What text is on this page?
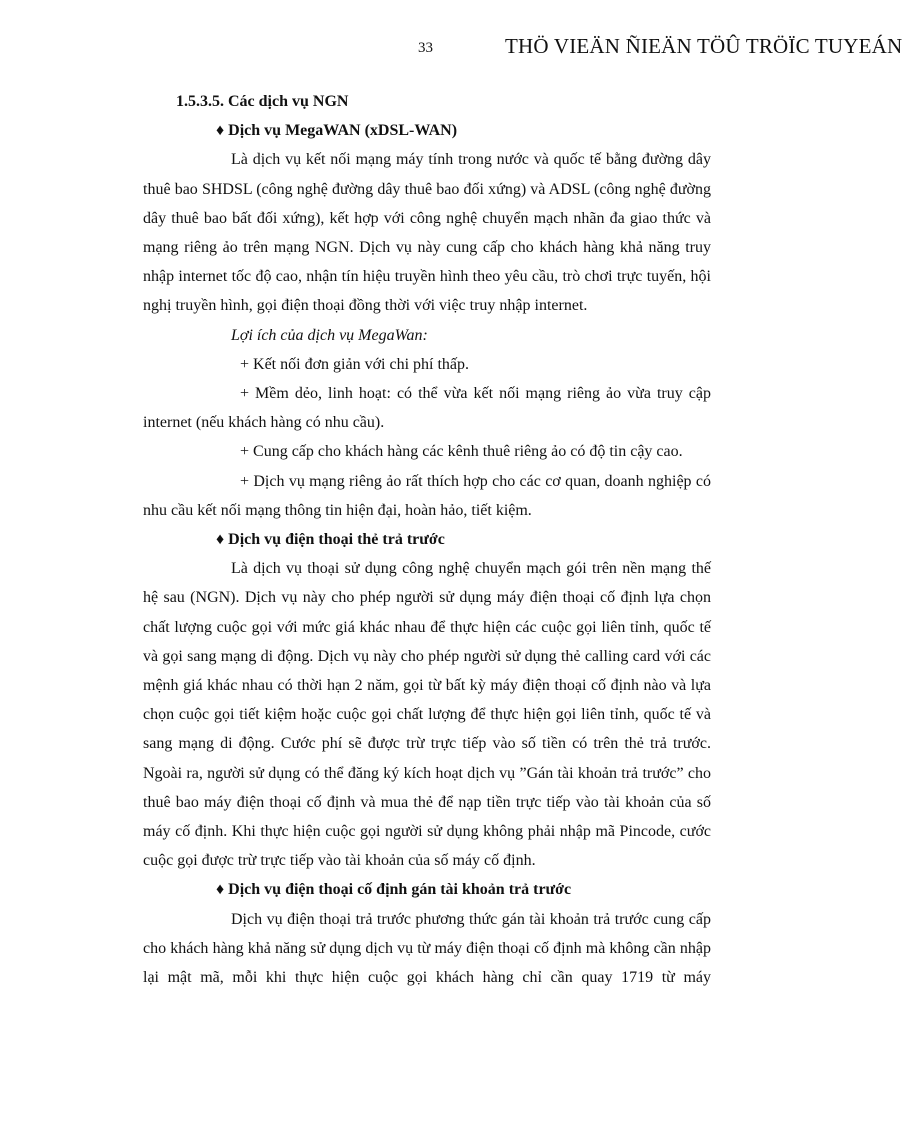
33	THÖ VIEÄN ÑIEÄN TÖÛ TRÖÏC TUYEÁN
1.5.3.5. Các dịch vụ NGN
♦ Dịch vụ MegaWAN (xDSL-WAN)

Là dịch vụ kết nối mạng máy tính trong nước và quốc tế bằng đường dây thuê bao SHDSL (công nghệ đường dây thuê bao đối xứng) và ADSL (công nghệ đường dây thuê bao bất đối xứng), kết hợp với công nghệ chuyển mạch nhãn đa giao thức và mạng riêng ảo trên mạng NGN. Dịch vụ này cung cấp cho khách hàng khả năng truy nhập internet tốc độ cao, nhận tín hiệu truyền hình theo yêu cầu, trò chơi trực tuyến, hội nghị truyền hình, gọi điện thoại đồng thời với việc truy nhập internet.

Lợi ích của dịch vụ MegaWan:

+ Kết nối đơn giản với chi phí thấp.

+ Mềm dẻo, linh hoạt: có thể vừa kết nối mạng riêng ảo vừa truy cập internet (nếu khách hàng có nhu cầu).

+ Cung cấp cho khách hàng các kênh thuê riêng ảo có độ tin cậy cao.

+ Dịch vụ mạng riêng ảo rất thích hợp cho các cơ quan, doanh nghiệp có nhu cầu kết nối mạng thông tin hiện đại, hoàn hảo, tiết kiệm.

♦ Dịch vụ điện thoại thẻ trả trước

Là dịch vụ thoại sử dụng công nghệ chuyển mạch gói trên nền mạng thế hệ sau (NGN). Dịch vụ này cho phép người sử dụng máy điện thoại cố định lựa chọn chất lượng cuộc gọi với mức giá khác nhau để thực hiện các cuộc gọi liên tỉnh, quốc tế và gọi sang mạng di động. Dịch vụ này cho phép người sử dụng thẻ calling card với các mệnh giá khác nhau có thời hạn 2 năm, gọi từ bất kỳ máy điện thoại cố định nào và lựa chọn cuộc gọi tiết kiệm hoặc cuộc gọi chất lượng để thực hiện gọi liên tỉnh, quốc tế và sang mạng di động. Cước phí sẽ được trừ trực tiếp vào số tiền có trên thẻ trả trước. Ngoài ra, người sử dụng có thể đăng ký kích hoạt dịch vụ ”Gán tài khoản trả trước” cho thuê bao máy điện thoại cố định và mua thẻ để nạp tiền trực tiếp vào tài khoản của số máy cố định. Khi thực hiện cuộc gọi người sử dụng không phải nhập mã Pincode, cước cuộc gọi được trừ trực tiếp vào tài khoản của số máy cố định.

♦ Dịch vụ điện thoại cố định gán tài khoản trả trước

Dịch vụ điện thoại trả trước phương thức gán tài khoản trả trước cung cấp cho khách hàng khả năng sử dụng dịch vụ từ máy điện thoại cố định mà không cần nhập lại mật mã, mỗi khi thực hiện cuộc gọi khách hàng chỉ cần quay 1719 từ máy
